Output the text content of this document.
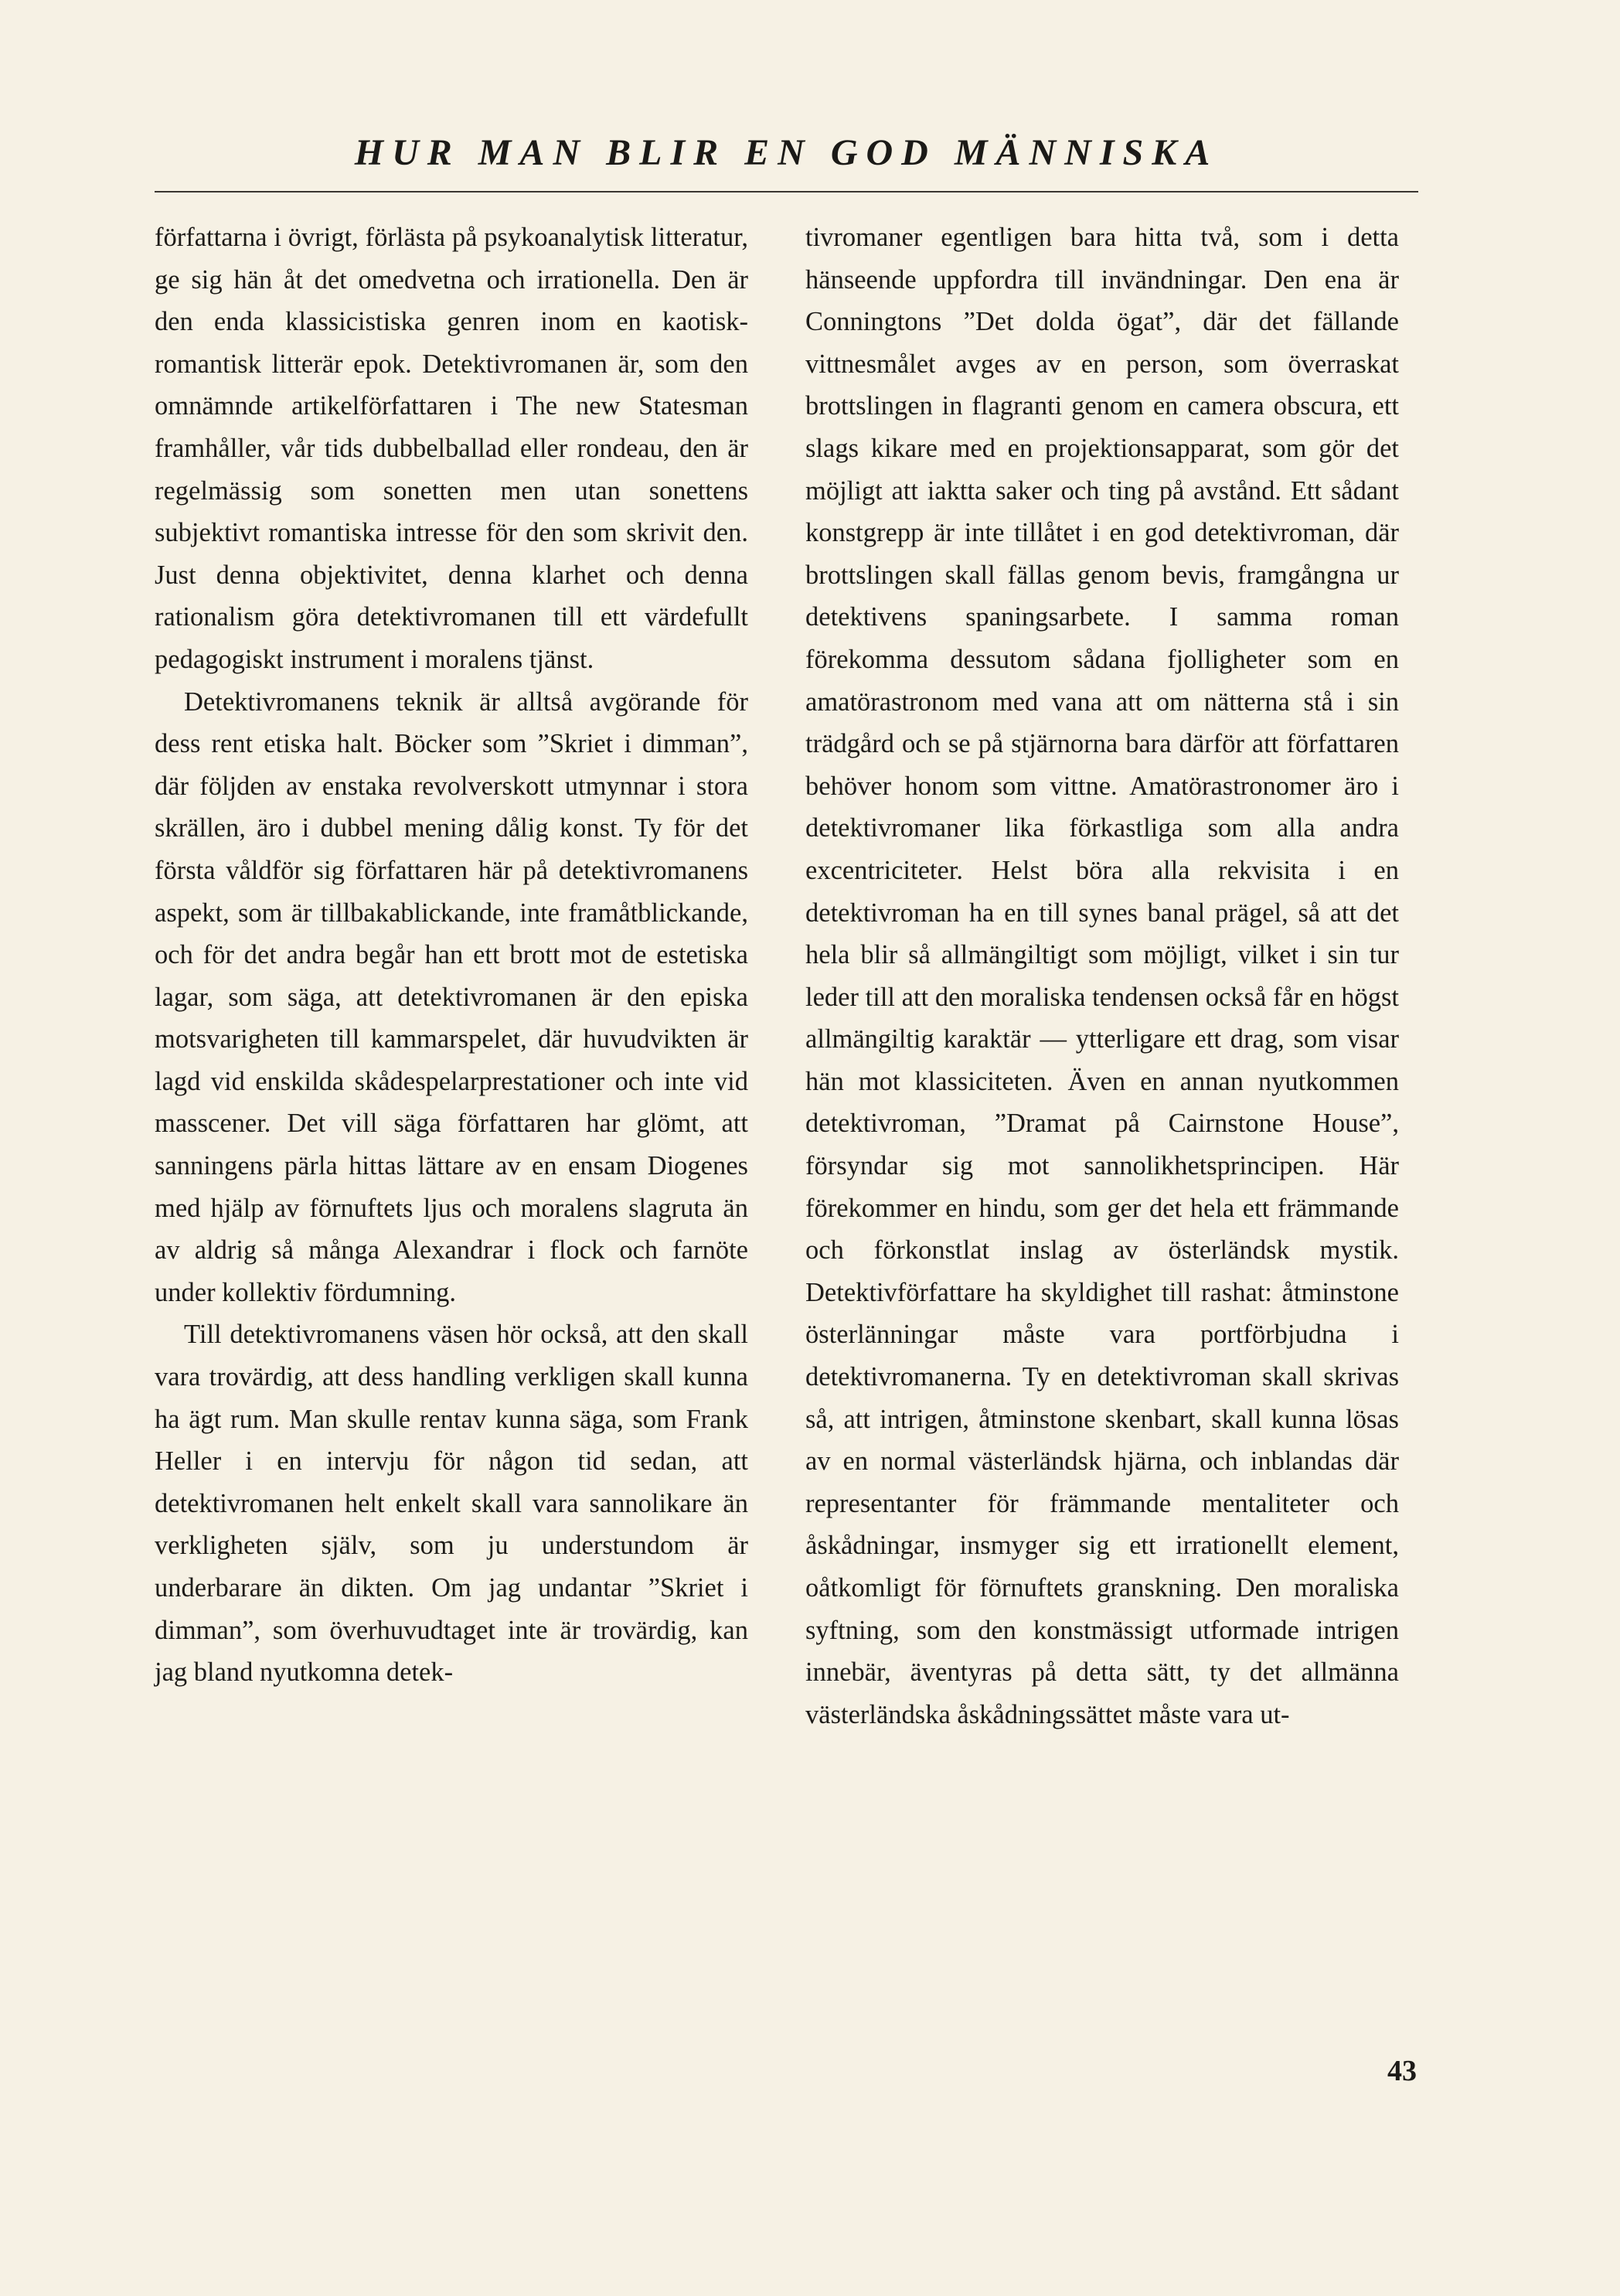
HUR MAN BLIR EN GOD MÄNNISKA

författarna i övrigt, förlästa på psykoanalytisk litteratur, ge sig hän åt det omedvetna och irrationella. Den är den enda klassicistiska genren inom en kaotisk-romantisk litterär epok. Detektivromanen är, som den omnämnde artikelförfattaren i The new Statesman framhåller, vår tids dubbelballad eller rondeau, den är regelmässig som sonetten men utan sonettens subjektivt romantiska intresse för den som skrivit den. Just denna objektivitet, denna klarhet och denna rationalism göra detektivromanen till ett värdefullt pedagogiskt instrument i moralens tjänst.

Detektivromanens teknik är alltså avgörande för dess rent etiska halt. Böcker som ”Skriet i dimman”, där följden av enstaka revolverskott utmynnar i stora skrällen, äro i dubbel mening dålig konst. Ty för det första våldför sig författaren här på detektivromanens aspekt, som är tillbakablickande, inte framåtblickande, och för det andra begår han ett brott mot de estetiska lagar, som säga, att detektivromanen är den episka motsvarigheten till kammarspelet, där huvudvikten är lagd vid enskilda skådespelarprestationer och inte vid masscener. Det vill säga författaren har glömt, att sanningens pärla hittas lättare av en ensam Diogenes med hjälp av förnuftets ljus och moralens slagruta än av aldrig så många Alexandrar i flock och farnöte under kollektiv fördumning.

Till detektivromanens väsen hör också, att den skall vara trovärdig, att dess handling verkligen skall kunna ha ägt rum. Man skulle rentav kunna säga, som Frank Heller i en intervju för någon tid sedan, att detektivromanen helt enkelt skall vara sannolikare än verkligheten själv, som ju understundom är underbarare än dikten. Om jag undantar ”Skriet i dimman”, som överhuvudtaget inte är trovärdig, kan jag bland nyutkomna detek-

tivromaner egentligen bara hitta två, som i detta hänseende uppfordra till invändningar. Den ena är Conningtons ”Det dolda ögat”, där det fällande vittnesmålet avges av en person, som överraskat brottslingen in flagranti genom en camera obscura, ett slags kikare med en projektionsapparat, som gör det möjligt att iaktta saker och ting på avstånd. Ett sådant konstgrepp är inte tillåtet i en god detektivroman, där brottslingen skall fällas genom bevis, framgångna ur detektivens spaningsarbete. I samma roman förekomma dessutom sådana fjolligheter som en amatörastronom med vana att om nätterna stå i sin trädgård och se på stjärnorna bara därför att författaren behöver honom som vittne. Amatörastronomer äro i detektivromaner lika förkastliga som alla andra excentriciteter. Helst böra alla rekvisita i en detektivroman ha en till synes banal prägel, så att det hela blir så allmängiltigt som möjligt, vilket i sin tur leder till att den moraliska tendensen också får en högst allmängiltig karaktär — ytterligare ett drag, som visar hän mot klassiciteten. Även en annan nyutkommen detektivroman, ”Dramat på Cairnstone House”, försyndar sig mot sannolikhetsprincipen. Här förekommer en hindu, som ger det hela ett främmande och förkonstlat inslag av österländsk mystik. Detektivförfattare ha skyldighet till rashat: åtminstone österlänningar måste vara portförbjudna i detektivromanerna. Ty en detektivroman skall skrivas så, att intrigen, åtminstone skenbart, skall kunna lösas av en normal västerländsk hjärna, och inblandas där representanter för främmande mentaliteter och åskådningar, insmyger sig ett irrationellt element, oåtkomligt för förnuftets granskning. Den moraliska syftning, som den konstmässigt utformade intrigen innebär, äventyras på detta sätt, ty det allmänna västerländska åskådningssättet måste vara ut-

43
